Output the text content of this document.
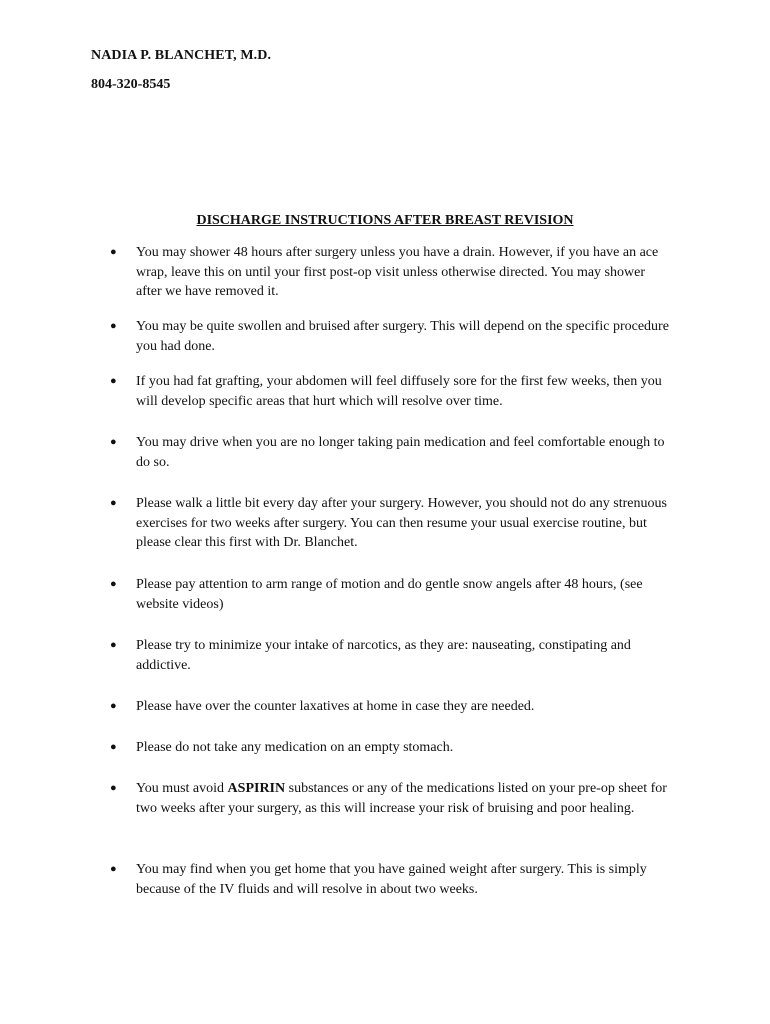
NADIA P. BLANCHET, M.D.
804-320-8545
DISCHARGE INSTRUCTIONS AFTER BREAST REVISION
●	You may shower 48 hours after surgery unless you have a drain. However, if you have an ace wrap, leave this on until your first post-op visit unless otherwise directed. You may shower after we have removed it.
●	You may be quite swollen and bruised after surgery. This will depend on the specific procedure you had done.
●	If you had fat grafting, your abdomen will feel diffusely sore for the first few weeks, then you will develop specific areas that hurt which will resolve over time.
●	You may drive when you are no longer taking pain medication and feel comfortable enough to do so.
●	Please walk a little bit every day after your surgery. However, you should not do any strenuous exercises for two weeks after surgery. You can then resume your usual exercise routine, but please clear this first with Dr. Blanchet.
●	Please pay attention to arm range of motion and do gentle snow angels after 48 hours, (see website videos)
●	Please try to minimize your intake of narcotics, as they are: nauseating, constipating and addictive.
●	Please have over the counter laxatives at home in case they are needed.
●	Please do not take any medication on an empty stomach.
●	You must avoid ASPIRIN substances or any of the medications listed on your pre-op sheet for two weeks after your surgery, as this will increase your risk of bruising and poor healing.
●	You may find when you get home that you have gained weight after surgery. This is simply because of the IV fluids and will resolve in about two weeks.
